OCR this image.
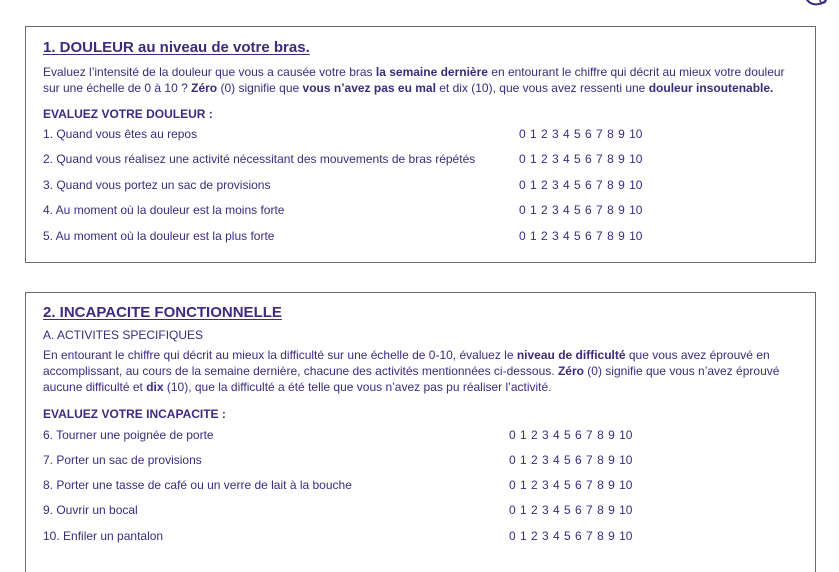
1. DOULEUR au niveau de votre bras.
Evaluez l’intensité de la douleur que vous a causée votre bras la semaine dernière en entourant le chiffre qui décrit au mieux votre douleur sur une échelle de 0 à 10 ? Zéro (0) signifie que vous n’avez pas eu mal et dix (10), que vous avez ressenti une douleur insoutenable.
EVALUEZ VOTRE DOULEUR :
1. Quand vous êtes au repos	0 1 2 3 4 5 6 7 8 9 10
2. Quand vous réalisez une activité nécessitant des mouvements de bras répétés	0 1 2 3 4 5 6 7 8 9 10
3. Quand vous portez un sac de provisions	0 1 2 3 4 5 6 7 8 9 10
4. Au moment où la douleur est la moins forte	0 1 2 3 4 5 6 7 8 9 10
5. Au moment où la douleur est la plus forte	0 1 2 3 4 5 6 7 8 9 10
2. INCAPACITE FONCTIONNELLE
A. ACTIVITES SPECIFIQUES
En entourant le chiffre qui décrit au mieux la difficulté sur une échelle de 0-10, évaluez le niveau de difficulté que vous avez éprouvé en accomplissant, au cours de la semaine dernière, chacune des activités mentionnées ci-dessous. Zéro (0) signifie que vous n’avez éprouvé aucune difficulté et dix (10), que la difficulté a été telle que vous n’avez pas pu réaliser l’activité.
EVALUEZ VOTRE INCAPACITE :
6. Tourner une poignée de porte	0 1 2 3 4 5 6 7 8 9 10
7. Porter un sac de provisions	0 1 2 3 4 5 6 7 8 9 10
8. Porter une tasse de café ou un verre de lait à la bouche	0 1 2 3 4 5 6 7 8 9 10
9. Ouvrir un bocal	0 1 2 3 4 5 6 7 8 9 10
10. Enfiler un pantalon	0 1 2 3 4 5 6 7 8 9 10
